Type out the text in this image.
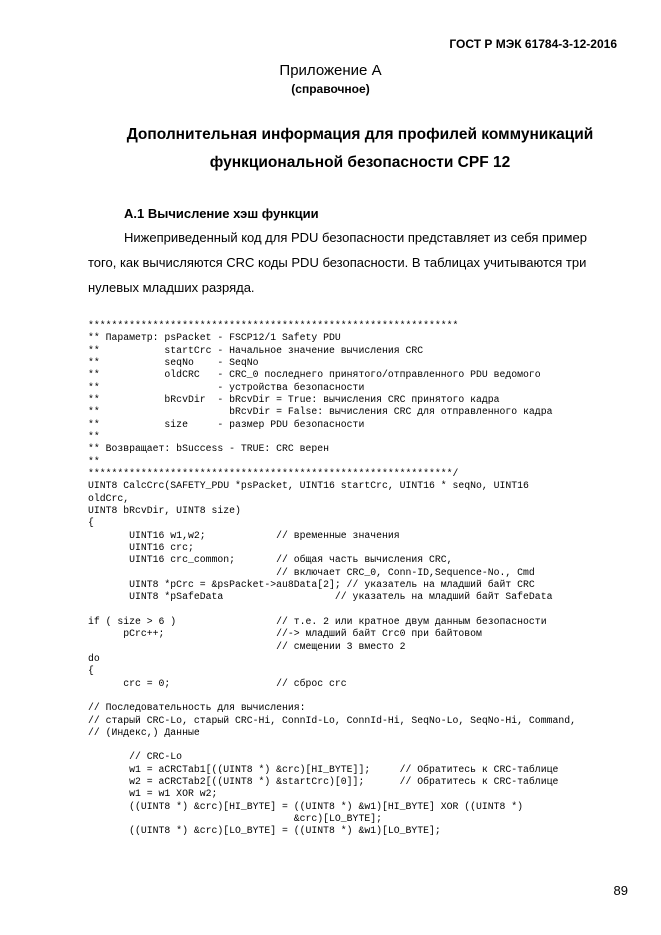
ГОСТ Р МЭК 61784-3-12-2016
Приложение А
(справочное)
Дополнительная информация для профилей коммуникаций
функциональной безопасности CPF 12
А.1 Вычисление хэш функции
Нижеприведенный код для PDU безопасности представляет из себя пример
того, как вычисляются CRC коды PDU безопасности. В таблицах учитываются три
нулевых младших разряда.
***************************************************************
** Параметр: psPacket - FSCP12/1 Safety PDU
**           startCrc - Начальное значение вычисления CRC
**           seqNo    - SeqNo
**           oldCRC   - CRC_0 последнего принятого/отправленного PDU ведомого
**                    - устройства безопасности
**           bRcvDir  - bRcvDir = True: вычисления CRC принятого кадра
**                      bRcvDir = False: вычисления CRC для отправленного кадра
**           size     - размер PDU безопасности
**
** Возвращает: bSuccess - TRUE: CRC верен
**
**************************************************************/
UINT8 CalcCrc(SAFETY_PDU *psPacket, UINT16 startCrc, UINT16 * seqNo, UINT16
oldCrc,
UINT8 bRcvDir, UINT8 size)
{
UINT16 w1,w2;            // временные значения
UINT16 crc;
UINT16 crc_common;       // общая часть вычисления CRC,
// включает CRC_0, Conn-ID,Sequence-No., Cmd
UINT8 *pCrc = &psPacket->au8Data[2]; // указатель на младший байт CRC
UINT8 *pSafeData                   // указатель на младший байт SafeData
if ( size > 6 )                 // т.е. 2 или кратное двум данным безопасности
pCrc++;                   //-> младший байт Crc0 при байтовом
// смещении 3 вместо 2
do
{
crc = 0;                  // сброс crc
// Последовательность для вычисления:
// старый CRC-Lo, старый CRC-Hi, ConnId-Lo, ConnId-Hi, SeqNo-Lo, SeqNo-Hi, Command,
// (Индекс,) Данные
// CRC-Lo
w1 = aCRCTab1[((UINT8 *) &crc)[HI_BYTE]];     // Обратитесь к CRC-таблице
w2 = aCRCTab2[((UINT8 *) &startCrc)[0]];      // Обратитесь к CRC-таблице
w1 = w1 XOR w2;
((UINT8 *) &crc)[HI_BYTE] = ((UINT8 *) &w1)[HI_BYTE] XOR ((UINT8 *)
&crc)[LO_BYTE];
((UINT8 *) &crc)[LO_BYTE] = ((UINT8 *) &w1)[LO_BYTE];
89
